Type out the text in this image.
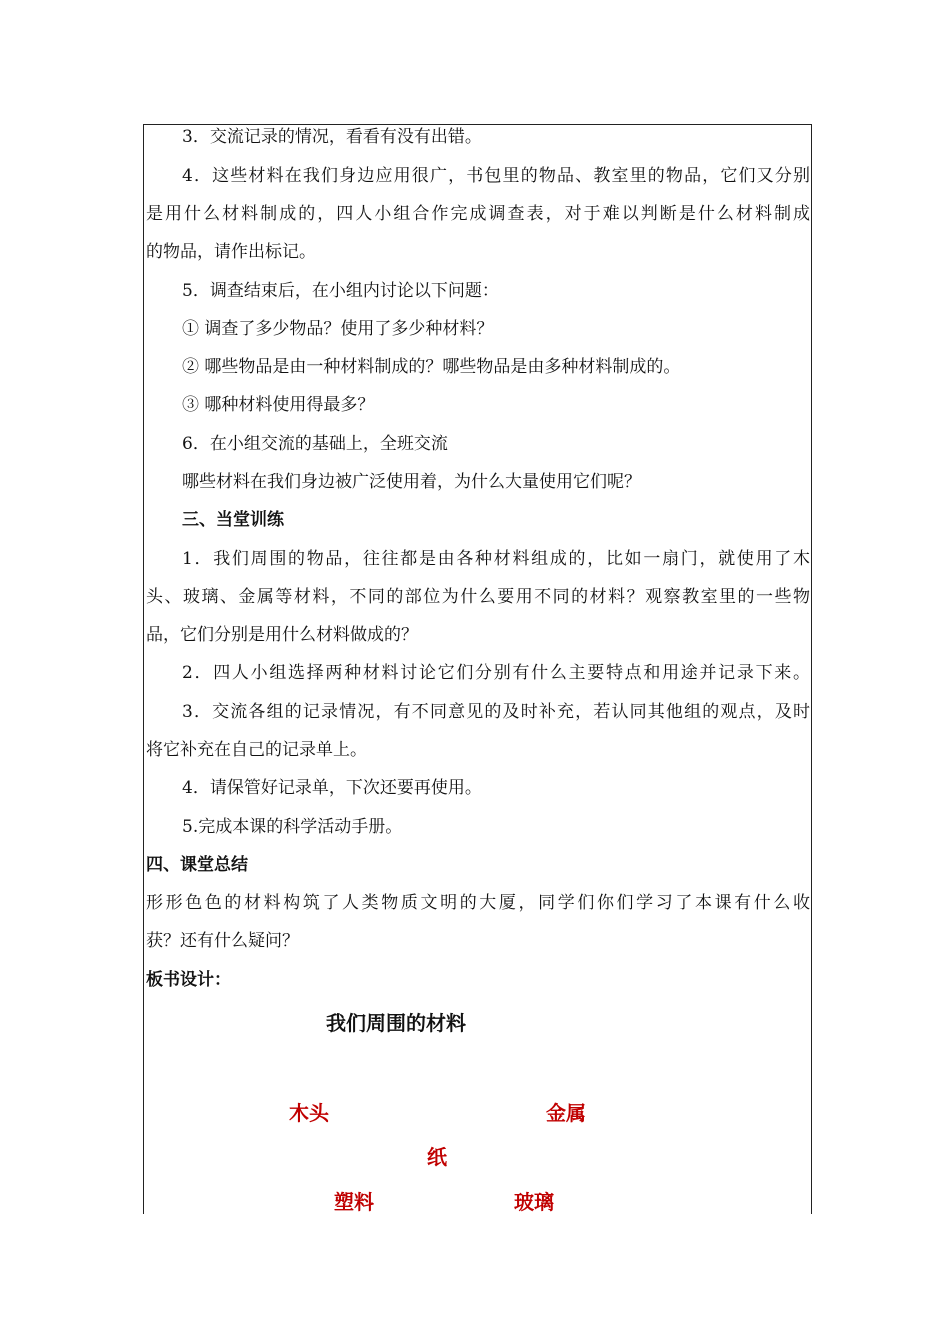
3．交流记录的情况，看看有没有出错。
4．这些材料在我们身边应用很广，书包里的物品、教室里的物品，它们又分别
是用什么材料制成的，四人小组合作完成调查表，对于难以判断是什么材料制成
的物品，请作出标记。
5．调查结束后，在小组内讨论以下问题：
① 调查了多少物品？使用了多少种材料？
② 哪些物品是由一种材料制成的？哪些物品是由多种材料制成的。
③ 哪种材料使用得最多？
6．在小组交流的基础上，全班交流
哪些材料在我们身边被广泛使用着，为什么大量使用它们呢？
三、当堂训练
1．我们周围的物品，往往都是由各种材料组成的，比如一扇门，就使用了木
头、玻璃、金属等材料，不同的部位为什么要用不同的材料？观察教室里的一些物
品，它们分别是用什么材料做成的？
2．四人小组选择两种材料讨论它们分别有什么主要特点和用途并记录下来。
3．交流各组的记录情况，有不同意见的及时补充，若认同其他组的观点，及时
将它补充在自己的记录单上。
4．请保管好记录单，下次还要再使用。
5.完成本课的科学活动手册。
四、课堂总结
形形色色的材料构筑了人类物质文明的大厦，同学们你们学习了本课有什么收
获？还有什么疑问？
板书设计：
我们周围的材料
木头	金属
纸
塑料	玻璃
